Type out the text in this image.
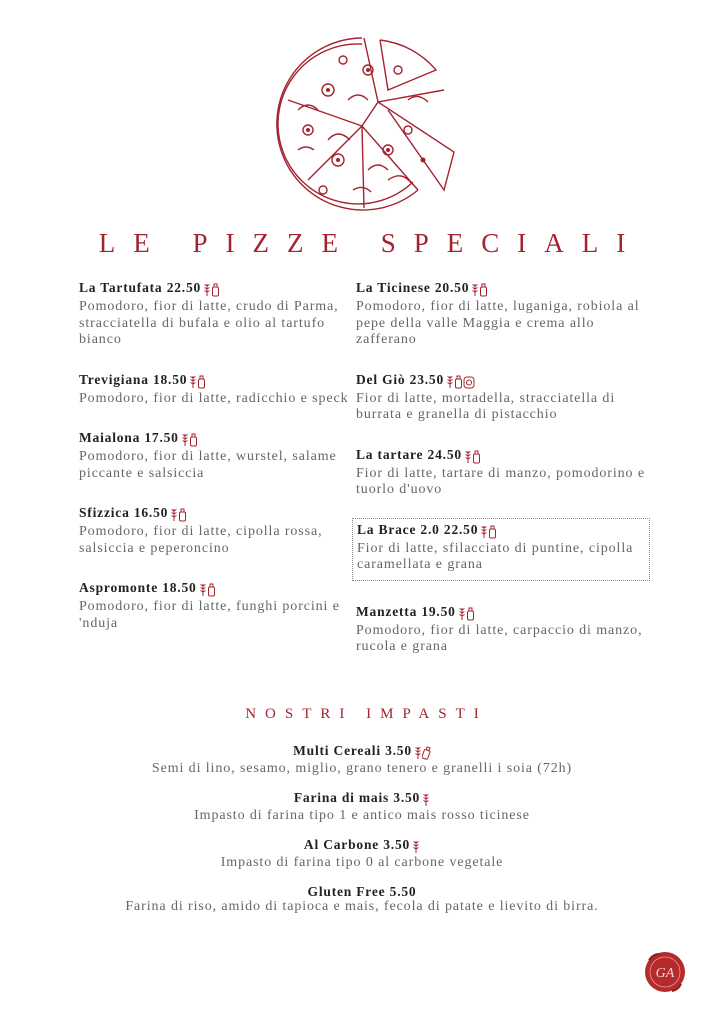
LE PIZZE SPECIALI
La Tartufata 22.50
Pomodoro, fior di latte, crudo di Parma, stracciatella di bufala e olio al tartufo bianco
Trevigiana 18.50
Pomodoro, fior di latte, radicchio e speck
Maialona 17.50
Pomodoro, fior di latte, wurstel, salame piccante e salsiccia
Sfizzica 16.50
Pomodoro, fior di latte, cipolla rossa, salsiccia e peperoncino
Aspromonte 18.50
Pomodoro, fior di latte, funghi porcini e 'nduja
La Ticinese 20.50
Pomodoro, fior di latte, luganiga, robiola al pepe della valle Maggia e crema allo zafferano
Del Giò 23.50
Fior di latte, mortadella, stracciatella di burrata e granella di pistacchio
La tartare 24.50
Fior di latte, tartare di manzo, pomodorino e tuorlo d'uovo
La Brace 2.0 22.50
Fior di latte, sfilacciato di puntine, cipolla caramellata e grana
Manzetta 19.50
Pomodoro, fior di latte, carpaccio di manzo, rucola e grana
NOSTRI IMPASTI
Multi Cereali 3.50
Semi di lino, sesamo, miglio, grano tenero e granelli i soia (72h)
Farina di mais 3.50
Impasto di farina tipo 1 e antico mais rosso ticinese
Al Carbone 3.50
Impasto di farina tipo 0 al carbone vegetale
Gluten Free 5.50
Farina di riso, amido di tapioca e mais, fecola di patate e lievito di birra.
GA
